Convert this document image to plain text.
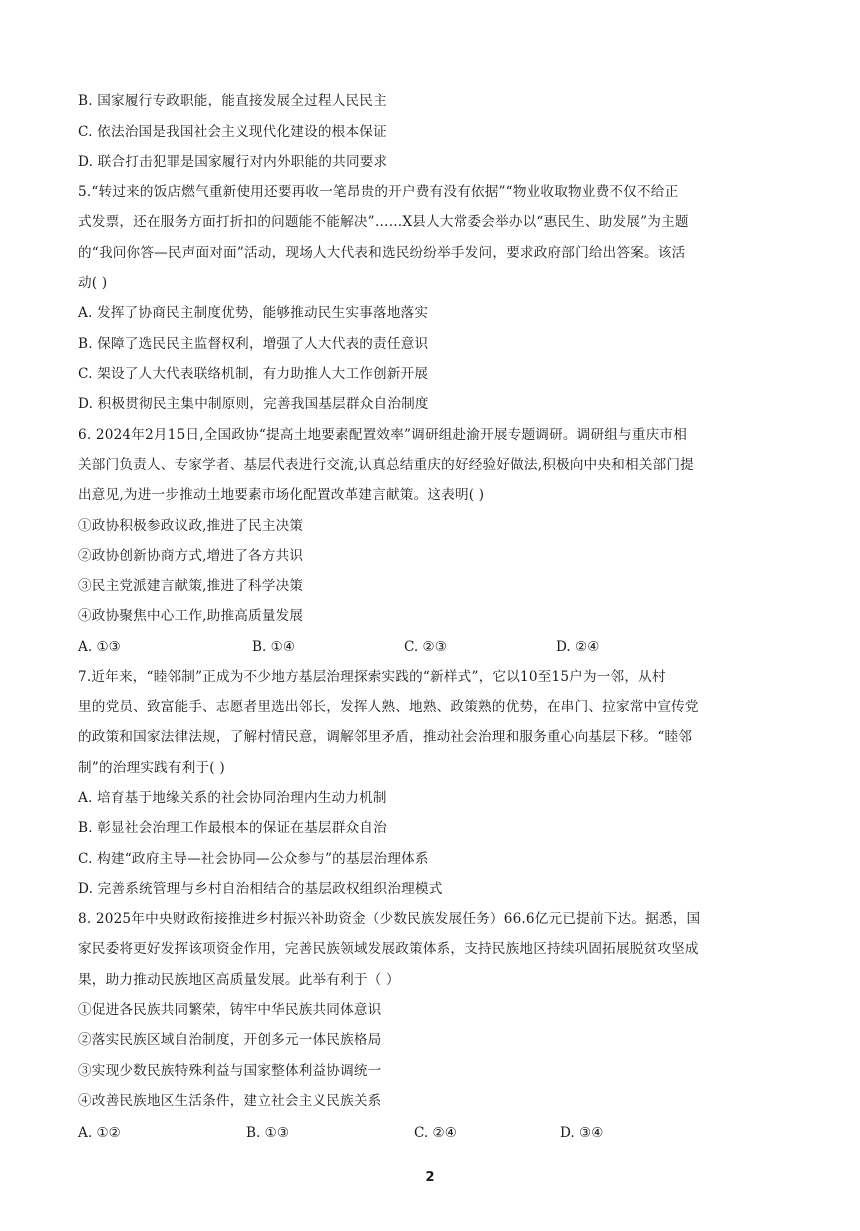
B. 国家履行专政职能，能直接发展全过程人民民主
C. 依法治国是我国社会主义现代化建设的根本保证
D. 联合打击犯罪是国家履行对内外职能的共同要求
5.“转过来的饭店燃气重新使用还要再收一笔昂贵的开户费有没有依据”“物业收取物业费不仅不给正
式发票，还在服务方面打折扣的问题能不能解决”……X县人大常委会举办以“惠民生、助发展”为主题
的“我问你答—民声面对面”活动，现场人大代表和选民纷纷举手发问，要求政府部门给出答案。该活
动( )
A. 发挥了协商民主制度优势，能够推动民生实事落地落实
B. 保障了选民民主监督权利，增强了人大代表的责任意识
C. 架设了人大代表联络机制，有力助推人大工作创新开展
D. 积极贯彻民主集中制原则，完善我国基层群众自治制度
6. 2024年2月15日,全国政协“提高土地要素配置效率”调研组赴渝开展专题调研。调研组与重庆市相
关部门负责人、专家学者、基层代表进行交流,认真总结重庆的好经验好做法,积极向中央和相关部门提
出意见,为进一步推动土地要素市场化配置改革建言献策。这表明( )
①政协积极参政议政,推进了民主决策
②政协创新协商方式,增进了各方共识
③民主党派建言献策,推进了科学决策
④政协聚焦中心工作,助推高质量发展
7.近年来，“睦邻制”正成为不少地方基层治理探索实践的“新样式”，它以10至15户为一邻，从村
里的党员、致富能手、志愿者里选出邻长，发挥人熟、地熟、政策熟的优势，在串门、拉家常中宣传党
的政策和国家法律法规，了解村情民意，调解邻里矛盾，推动社会治理和服务重心向基层下移。“睦邻
制”的治理实践有利于( )
A. 培育基于地缘关系的社会协同治理内生动力机制
B. 彰显社会治理工作最根本的保证在基层群众自治
C. 构建“政府主导—社会协同—公众参与”的基层治理体系
D. 完善系统管理与乡村自治相结合的基层政权组织治理模式
8. 2025年中央财政衔接推进乡村振兴补助资金（少数民族发展任务）66.6亿元已提前下达。据悉，国
家民委将更好发挥该项资金作用，完善民族领域发展政策体系，支持民族地区持续巩固拓展脱贫攻坚成
果，助力推动民族地区高质量发展。此举有利于（ ）
①促进各民族共同繁荣，铸牢中华民族共同体意识
②落实民族区域自治制度，开创多元一体民族格局
③实现少数民族特殊利益与国家整体利益协调统一
④改善民族地区生活条件，建立社会主义民族关系
A. ①③	B. ①④	C. ②③	D. ②④
A. ①②	B. ①③	C. ②④	D. ③④
2
